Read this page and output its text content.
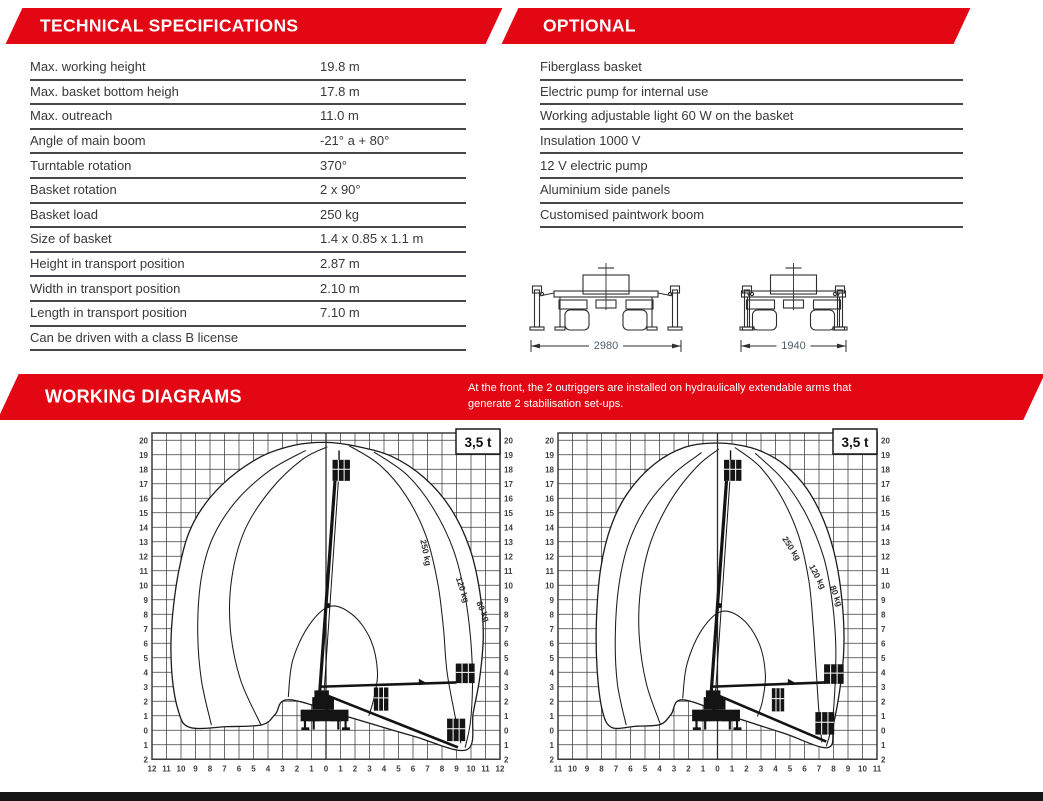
TECHNICAL SPECIFICATIONS	OPTIONAL
Max. working height	19.8 m
Max. basket bottom heigh	17.8 m
Max. outreach	11.0 m
Angle of main boom	-21° a + 80°
Turntable rotation	370°
Basket rotation	2 x 90°
Basket load	250 kg
Size of basket	1.4 x 0.85 x 1.1 m
Height in transport position	2.87 m
Width in transport position	2.10 m
Length in transport position	7.10 m
Can be driven with a class B license
Fiberglass basket
Electric pump for internal use
Working adjustable light 60 W on the basket
Insulation 1000 V
12 V electric pump
Aluminium side panels
Customised paintwork boom
2980	1940
WORKING DIAGRAMS	At the front, the 2 outriggers are installed on hydraulically extendable arms that generate 2 stabilisation set-ups.
250 kg
120 kg
80 kg
3,5 t
20	20
19	19
18	18
17	17
16	16
15	15
14	14
13	13
12	12
11	11
10	10
9	9
8	8
7	7
6	6
5	5
4	4
3	3
2	2
1	1
0	0
1	1
2	2
12 11 10 9 8 7 6 5 4 3 2 1 0 1 2 3 4 5 6 7 8 9 10 11 12
250 kg
120 kg
80 kg
3,5 t
20	20
19	19
18	18
17	17
16	16
15	15
14	14
13	13
12	12
11	11
10	10
9	9
8	8
7	7
6	6
5	5
4	4
3	3
2	2
1	1
0	0
1	1
2	2
11 10 9 8 7 6 5 4 3 2 1 0 1 2 3 4 5 6 7 8 9 10 11
